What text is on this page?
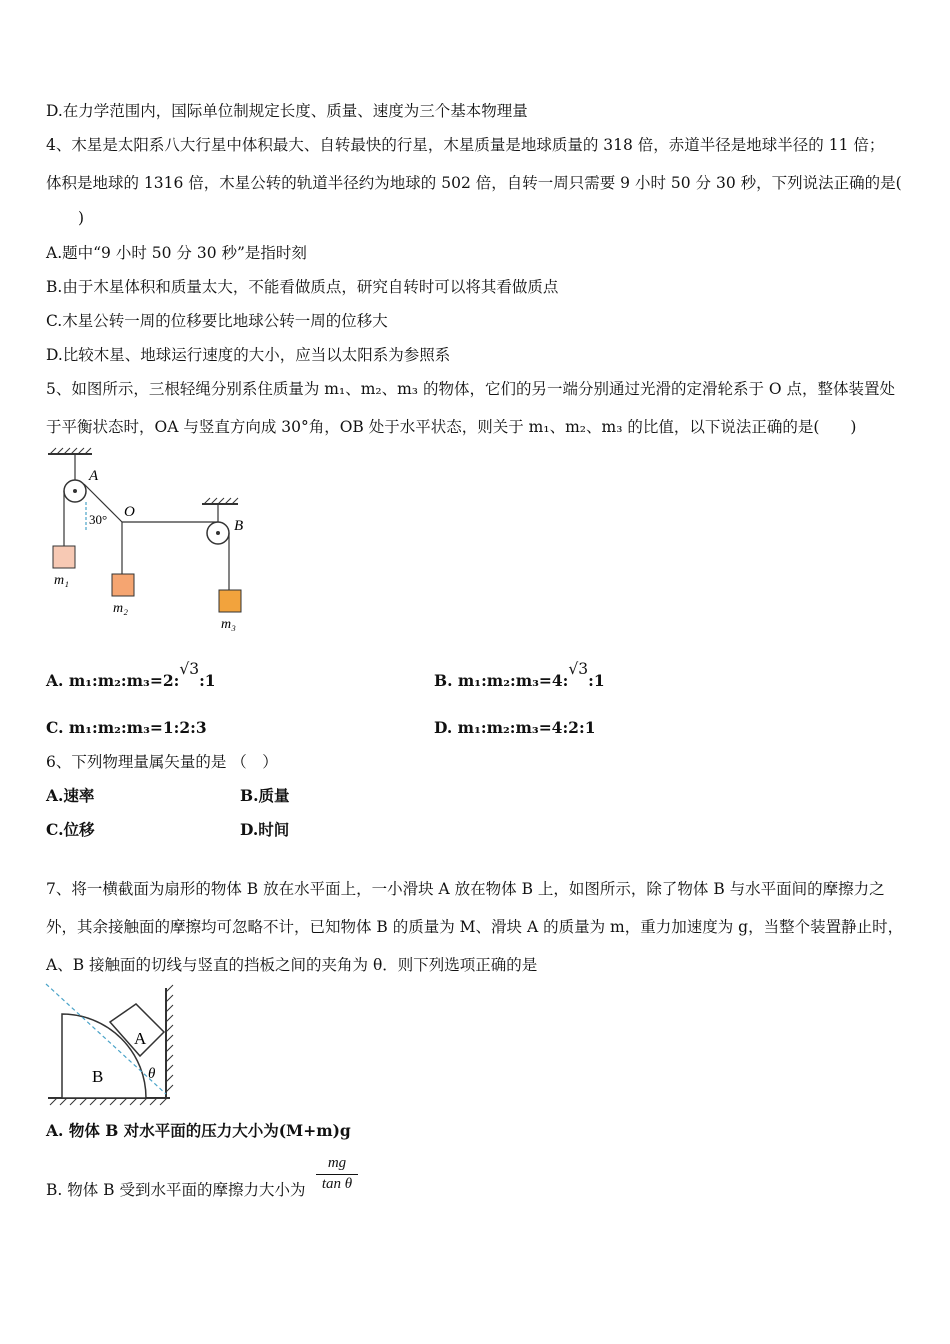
D.在力学范围内，国际单位制规定长度、质量、速度为三个基本物理量
4、木星是太阳系八大行星中体积最大、自转最快的行星，木星质量是地球质量的 318 倍，赤道半径是地球半径的 11 倍；
体积是地球的 1316 倍，木星公转的轨道半径约为地球的 502 倍，自转一周只需要 9 小时 50 分 30 秒，下列说法正确的是(
)
A.题中“9 小时 50 分 30 秒”是指时刻
B.由于木星体积和质量太大，不能看做质点，研究自转时可以将其看做质点
C.木星公转一周的位移要比地球公转一周的位移大
D.比较木星、地球运行速度的大小，应当以太阳系为参照系
5、如图所示，三根轻绳分别系住质量为 m₁、m₂、m₃ 的物体，它们的另一端分别通过光滑的定滑轮系于 O 点，整体装置处
于平衡状态时，OA 与竖直方向成 30°角，OB 处于水平状态，则关于 m₁、m₂、m₃ 的比值，以下说法正确的是(　　)
A
30° O
B
m₁
m₂
m₃
A. m₁:m₂:m₃=2:√3:1	B. m₁:m₂:m₃=4:√3:1
C. m₁:m₂:m₃=1:2:3	D. m₁:m₂:m₃=4:2:1
6、下列物理量属矢量的是 （　）
A.速率	B.质量
C.位移	D.时间
7、将一横截面为扇形的物体 B 放在水平面上，一小滑块 A 放在物体 B 上，如图所示，除了物体 B 与水平面间的摩擦力之
外，其余接触面的摩擦均可忽略不计，已知物体 B 的质量为 M、滑块 A 的质量为 m，重力加速度为 g，当整个装置静止时，
A、B 接触面的切线与竖直的挡板之间的夹角为 θ．则下列选项正确的是
A
B	θ
A. 物体 B 对水平面的压力大小为(M+m)g
B. 物体 B 受到水平面的摩擦力大小为 $\frac{mg}{\text{tan θ}}$
